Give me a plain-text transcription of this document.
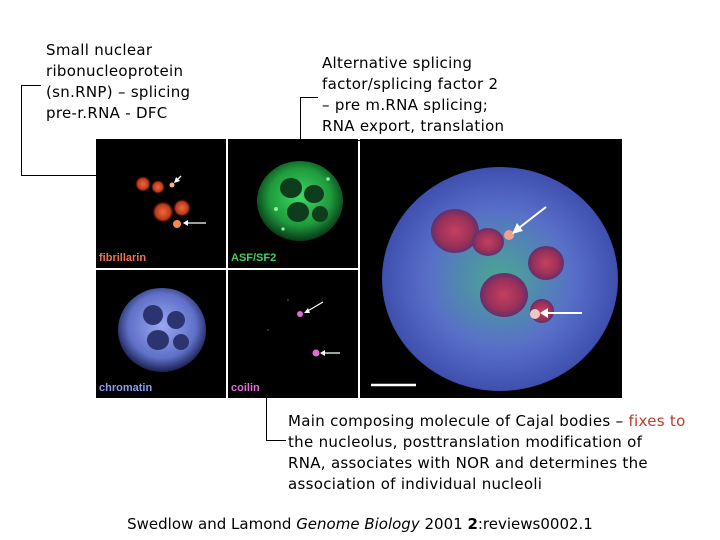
Small nuclear
ribonucleoprotein
(sn.RNP) – splicing
pre-r.RNA - DFC
Alternative splicing
factor/splicing factor 2
– pre m.RNA splicing;
RNA export, translation
Main composing molecule of Cajal bodies – fixes to
the nucleolus, posttranslation modification of
RNA, associates with NOR and determines the
association of individual nucleoli
fibrillarin	ASF/SF2
chromatin	coilin
Swedlow and Lamond Genome Biology 2001 2:reviews0002.1
